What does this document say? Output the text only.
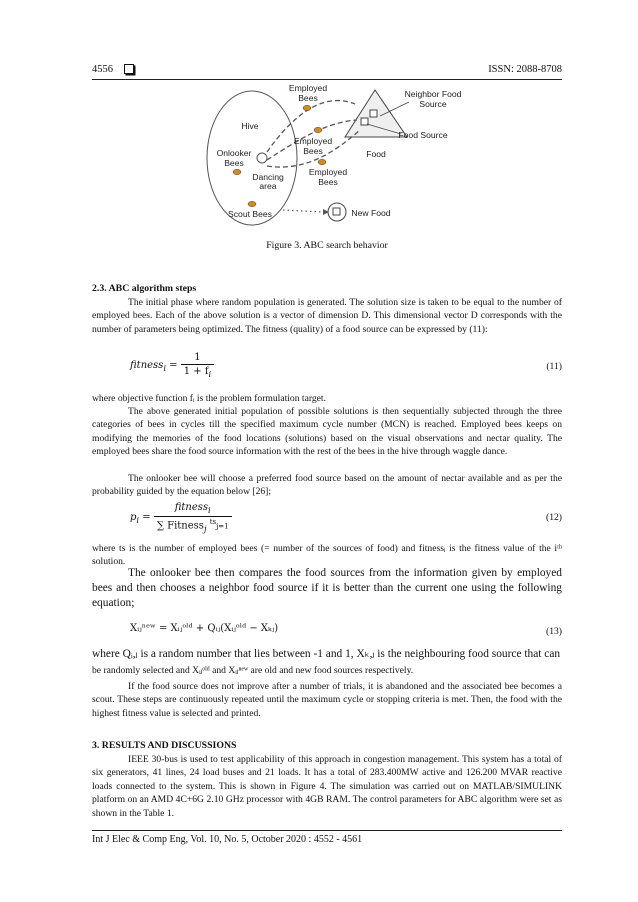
4556	ISSN: 2088-8708
Employed
Bees	Neighbor Food
Source
Hive
Onlooker
Bees
Employed
Bees	Food
Food Source
Dancing
area
Employed
Bees
Scout Bees	New Food
Figure 3. ABC search behavior
2.3. ABC algorithm steps

The initial phase where random population is generated. The solution size is taken to be equal to the number of employed bees. Each of the above solution is a vector of dimension D. This dimensional vector D corresponds with the number of parameters being optimized. The fitness (quality) of a food source can be expressed by (11):

fitness$_i$ = $\frac{1}{1 + f_i}$	(11)

where objective function fᵢ is the problem formulation target.

The above generated initial population of possible solutions is then sequentially subjected through the three categories of bees in cycles till the specified maximum cycle number (MCN) is reached. Employed bees keeps on modifying the memories of the food locations (solutions) based on the visual observations and nectar quality. The employed bees share the food source information with the rest of the bees in the hive through waggle dance.

The onlooker bee will choose a preferred food source based on the amount of nectar available and as per the probability guided by the equation below [26];

$p_i = \frac{fitness_i}{\sum Fitness_j ^{ts}j=1}$	(12)

where ts is the number of employed bees (= number of the sources of food) and fitnessᵢ is the fitness value of the iᵗʰ solution.

The onlooker bee then compares the food sources from the information given by employed bees and then chooses a neighbor food source if it is better than the current one using the following equation;

Xᵢⱼⁿᵉʷ = Xᵢⱼᵒˡᵈ + Qᵢⱼ(Xᵢⱼᵒˡᵈ − Xₖⱼ)	(13)

where Qᵢ,ⱼ is a random number that lies between -1 and 1, Xₖ,ⱼ is the neighbouring food source that can

be randomly selected and Xᵢⱼᵒˡᵈ and Xᵢⱼⁿᵉʷ are old and new food sources respectively.

If the food source does not improve after a number of trials, it is abandoned and the associated bee becomes a scout. These steps are continuously repeated until the maximum cycle or stopping criteria is met. Then, the food with the highest fitness value is selected and printed.

3. RESULTS AND DISCUSSIONS

IEEE 30-bus is used to test applicability of this approach in congestion management. This system has a total of six generators, 41 lines, 24 load buses and 21 loads. It has a total of 283.400MW active and 126.200 MVAR reactive loads connected to the system. This is shown in Figure 4. The simulation was carried out on MATLAB/SIMULINK platform on an AMD 4C+6G 2.10 GHz processor with 4GB RAM. The control parameters for ABC algorithm were set as shown in the Table 1.

Int J Elec & Comp Eng, Vol. 10, No. 5, October 2020 : 4552 - 4561
